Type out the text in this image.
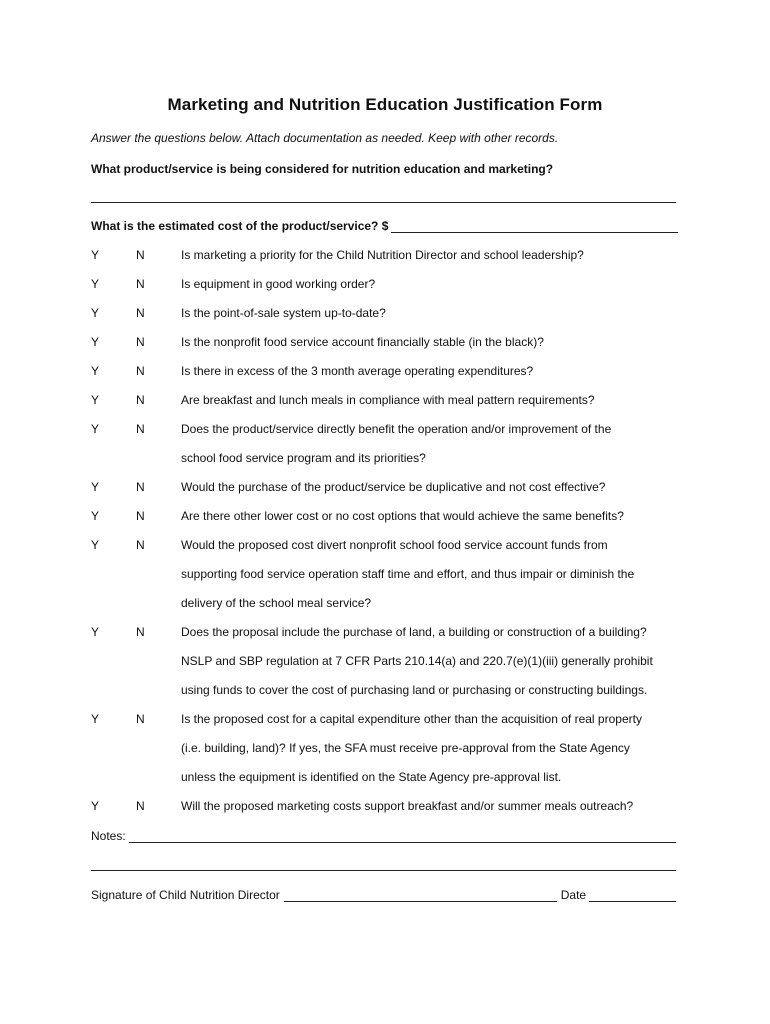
Marketing and Nutrition Education Justification Form
Answer the questions below. Attach documentation as needed. Keep with other records.
What product/service is being considered for nutrition education and marketing?
What is the estimated cost of the product/service? $
Y	N	Is marketing a priority for the Child Nutrition Director and school leadership?
Y	N	Is equipment in good working order?
Y	N	Is the point-of-sale system up-to-date?
Y	N	Is the nonprofit food service account financially stable (in the black)?
Y	N	Is there in excess of the 3 month average operating expenditures?
Y	N	Are breakfast and lunch meals in compliance with meal pattern requirements?
Y	N	Does the product/service directly benefit the operation and/or improvement of the
school food service program and its priorities?
Y	N	Would the purchase of the product/service be duplicative and not cost effective?
Y	N	Are there other lower cost or no cost options that would achieve the same benefits?
Y	N	Would the proposed cost divert nonprofit school food service account funds from
supporting food service operation staff time and effort, and thus impair or diminish the
delivery of the school meal service?
Y	N	Does the proposal include the purchase of land, a building or construction of a building?
NSLP and SBP regulation at 7 CFR Parts 210.14(a) and 220.7(e)(1)(iii) generally prohibit
using funds to cover the cost of purchasing land or purchasing or constructing buildings.
Y	N	Is the proposed cost for a capital expenditure other than the acquisition of real property
(i.e. building, land)? If yes, the SFA must receive pre-approval from the State Agency
unless the equipment is identified on the State Agency pre-approval list.
Y	N	Will the proposed marketing costs support breakfast and/or summer meals outreach?
Notes:
Signature of Child Nutrition Director	Date
